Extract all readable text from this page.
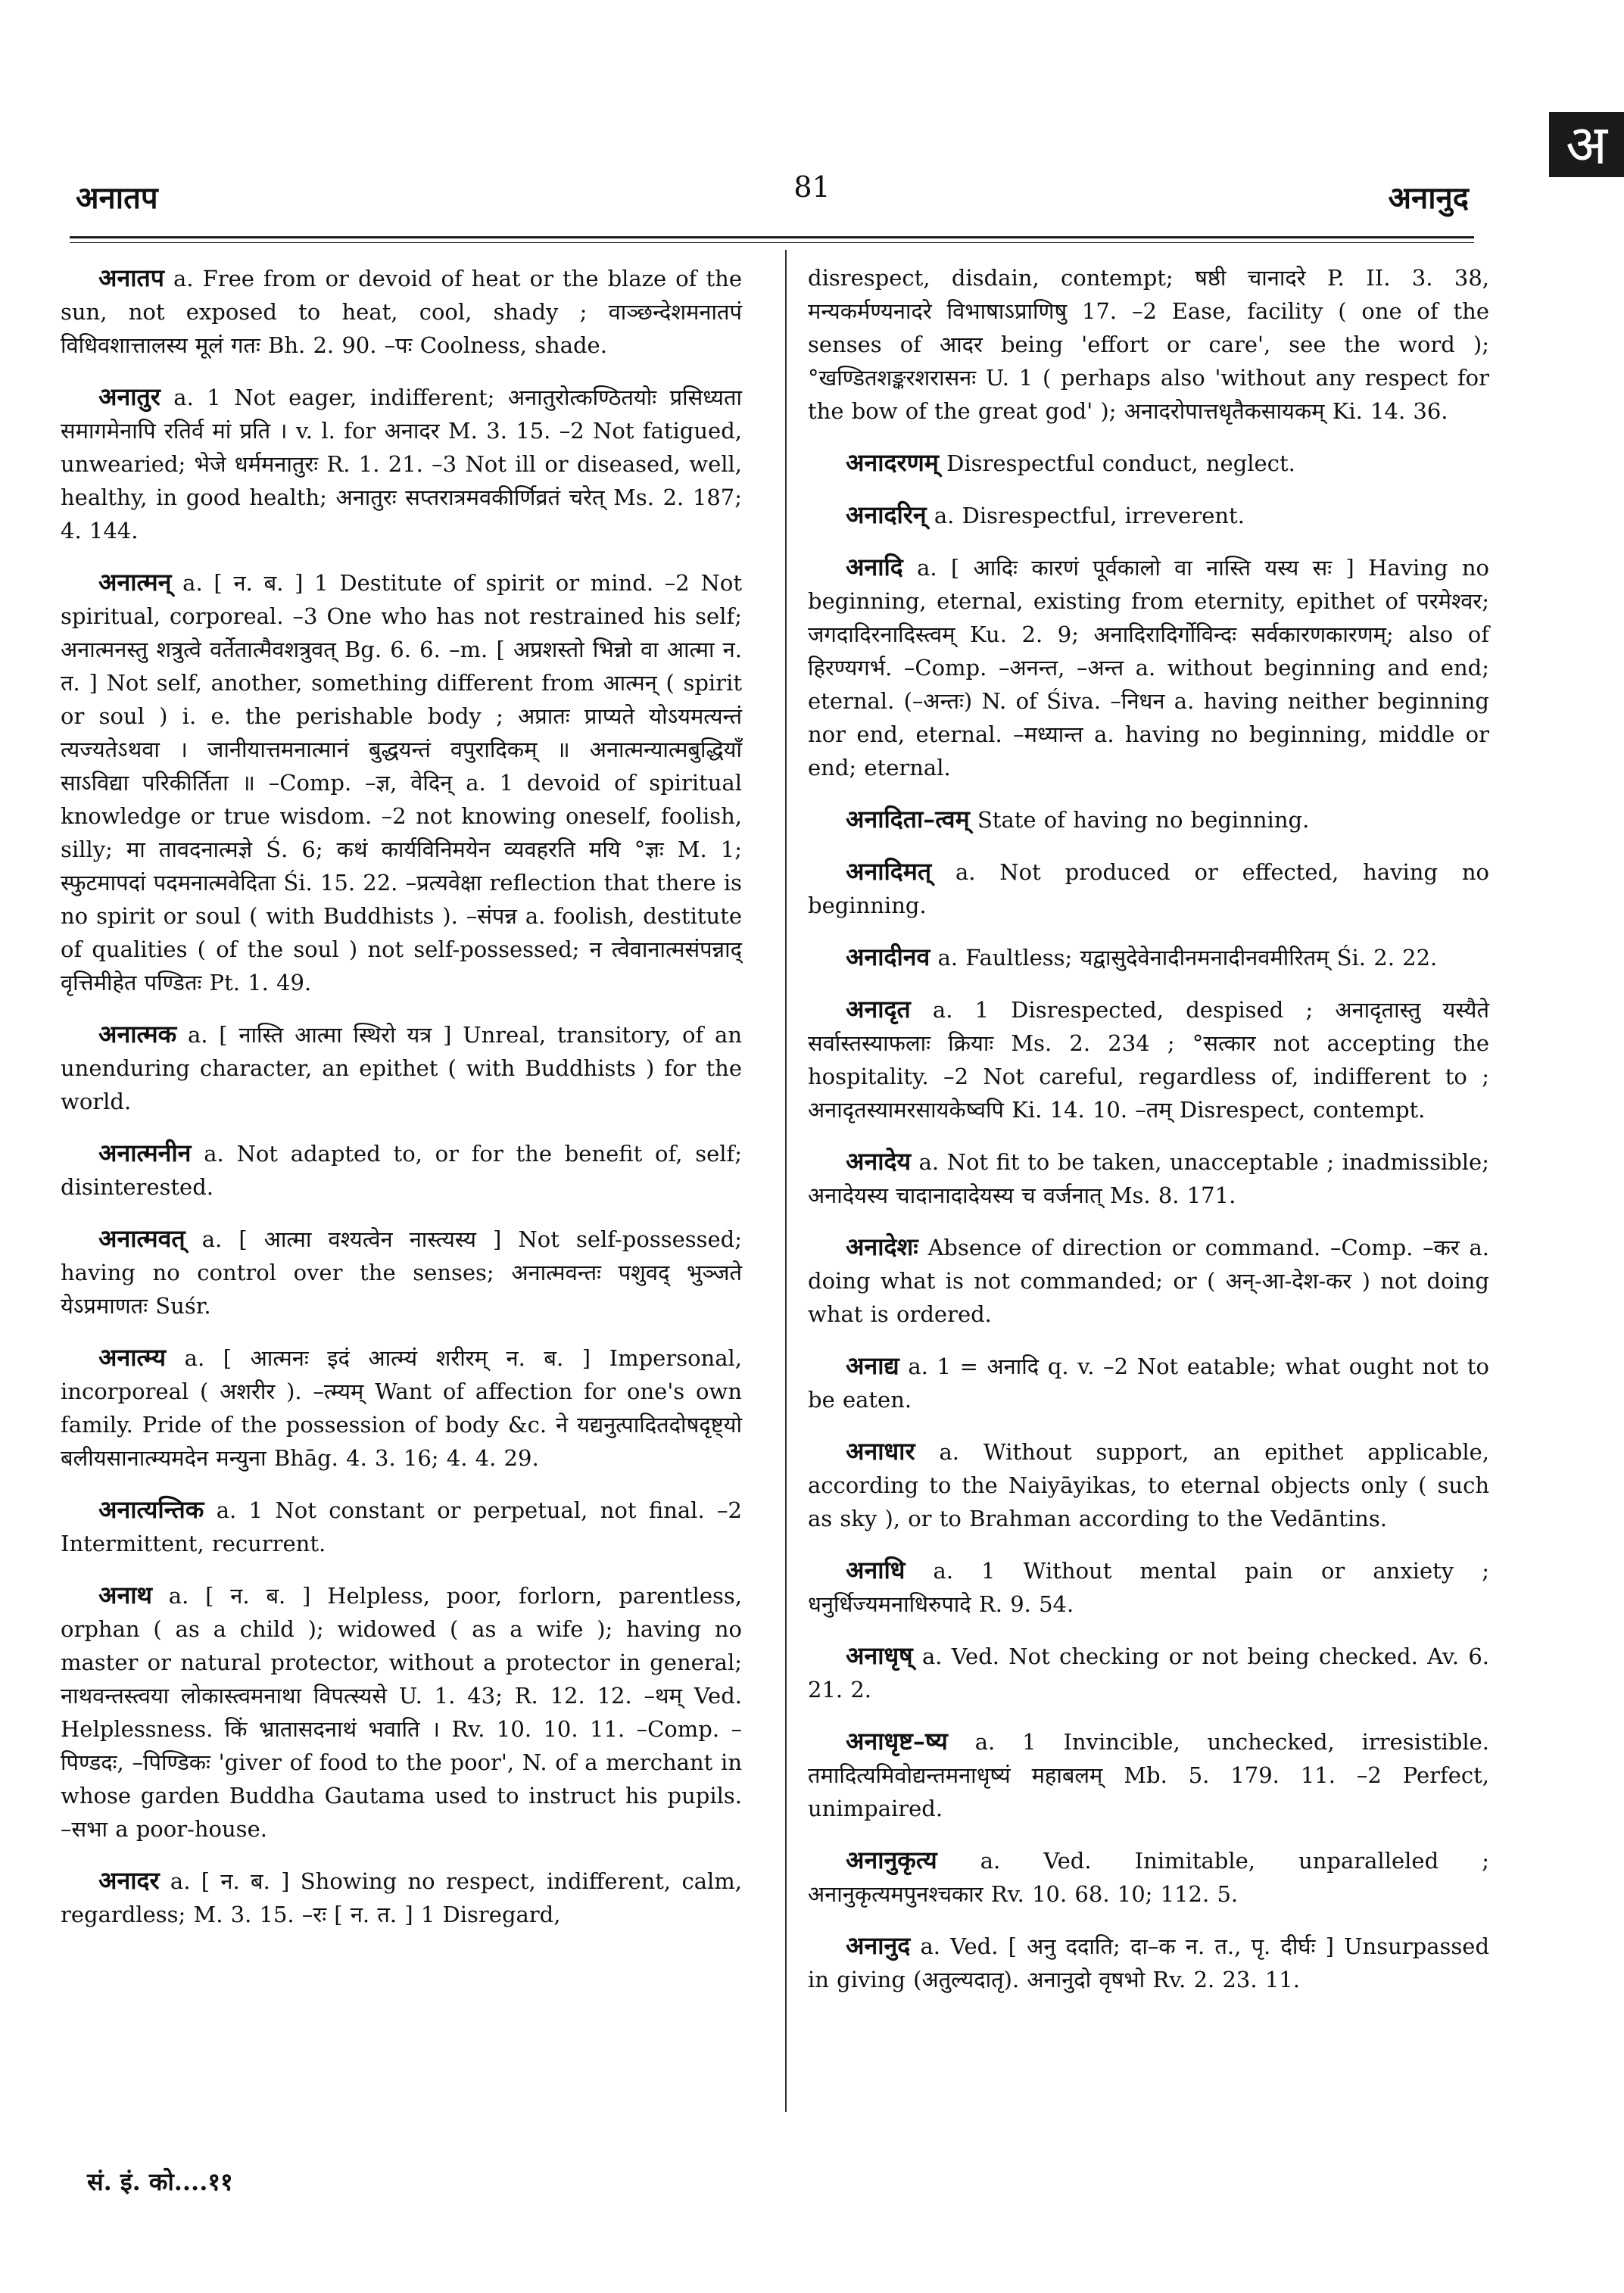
अ
अनातप	81	अनानुद

अनातप a. Free from or devoid of heat or the blaze of the sun, not exposed to heat, cool, shady ; वाञ्छन्देशमनातपं विधिवशात्तालस्य मूलं गतः Bh. 2. 90. –पः Coolness, shade.

अनातुर a. 1 Not eager, indifferent; अनातुरोत्कण्ठितयोः प्रसिध्यता समागमेनापि रतिर्व मां प्रति । v. l. for अनादर M. 3. 15. –2 Not fatigued, unwearied; भेजे धर्ममनातुरः R. 1. 21. –3 Not ill or diseased, well, healthy, in good health; अनातुरः सप्तरात्रमवकीर्णिव्रतं चरेत् Ms. 2. 187; 4. 144.

अनात्मन् a. [ न. ब. ] 1 Destitute of spirit or mind. –2 Not spiritual, corporeal. –3 One who has not restrained his self; अनात्मनस्तु शत्रुत्वे वर्तेतात्मैवशत्रुवत् Bg. 6. 6. –m. [ अप्रशस्तो भिन्नो वा आत्मा न. त. ] Not self, another, something different from आत्मन् ( spirit or soul ) i. e. the perishable body ; अप्रातः प्राप्यते योऽयमत्यन्तं त्यज्यतेऽथवा । जानीयात्तमनात्मानं बुद्धयन्तं वपुरादिकम् ॥ अनात्मन्यात्मबुद्धियाँ साऽविद्या परिकीर्तिता ॥ –Comp. –ज्ञ, वेदिन् a. 1 devoid of spiritual knowledge or true wisdom. –2 not knowing oneself, foolish, silly; मा तावदनात्मज्ञे Ś. 6; कथं कार्यविनिमयेन व्यवहरति मयि °ज्ञः M. 1; स्फुटमापदां पदमनात्मवेदिता Śi. 15. 22. –प्रत्यवेक्षा reflection that there is no spirit or soul ( with Buddhists ). –संपन्न a. foolish, destitute of qualities ( of the soul ) not self-possessed; न त्वेवानात्मसंपन्नाद् वृत्तिमीहेत पण्डितः Pt. 1. 49.

अनात्मक a. [ नास्ति आत्मा स्थिरो यत्र ] Unreal, transitory, of an unenduring character, an epithet ( with Buddhists ) for the world.

अनात्मनीन a. Not adapted to, or for the benefit of, self; disinterested.

अनात्मवत् a. [ आत्मा वश्यत्वेन नास्त्यस्य ] Not self-possessed; having no control over the senses; अनात्मवन्तः पशुवद् भुञ्जते येऽप्रमाणतः Suśr.

अनात्म्य a. [ आत्मनः इदं आत्म्यं शरीरम् न. ब. ] Impersonal, incorporeal ( अशरीर ). –त्म्यम् Want of affection for one's own family. Pride of the possession of body &c. ने यद्यनुत्पादितदोषदृष्ट्यो बलीयसानात्म्यमदेन मन्युना Bhāg. 4. 3. 16; 4. 4. 29.

अनात्यन्तिक a. 1 Not constant or perpetual, not final. –2 Intermittent, recurrent.

अनाथ a. [ न. ब. ] Helpless, poor, forlorn, parentless, orphan ( as a child ); widowed ( as a wife ); having no master or natural protector, without a protector in general; नाथवन्तस्त्वया लोकास्त्वमनाथा विपत्स्यसे U. 1. 43; R. 12. 12. –थम् Ved. Helplessness. किं भ्रातासदनाथं भवाति । Rv. 10. 10. 11. –Comp. –पिण्डदः, –पिण्डिकः 'giver of food to the poor', N. of a merchant in whose garden Buddha Gautama used to instruct his pupils. –सभा a poor-house.

अनादर a. [ न. ब. ] Showing no respect, indifferent, calm, regardless; M. 3. 15. –रः [ न. त. ] 1 Disregard,

disrespect, disdain, contempt; षष्ठी चानादरे P. II. 3. 38, मन्यकर्मण्यनादरे विभाषाऽप्राणिषु 17. –2 Ease, facility ( one of the senses of आदर being 'effort or care', see the word ); °खण्डितशङ्करशरासनः U. 1 ( perhaps also 'without any respect for the bow of the great god' ); अनादरोपात्तधृतैकसायकम् Ki. 14. 36.

अनादरणम् Disrespectful conduct, neglect.

अनादरिन् a. Disrespectful, irreverent.

अनादि a. [ आदिः कारणं पूर्वकालो वा नास्ति यस्य सः ] Having no beginning, eternal, existing from eternity, epithet of परमेश्वर; जगदादिरनादिस्त्वम् Ku. 2. 9; अनादिरादिर्गोविन्दः सर्वकारणकारणम्; also of हिरण्यगर्भ. –Comp. –अनन्त, –अन्त a. without beginning and end; eternal. (–अन्तः) N. of Śiva. –निधन a. having neither beginning nor end, eternal. –मध्यान्त a. having no beginning, middle or end; eternal.

अनादिता–त्वम् State of having no beginning.

अनादिमत् a. Not produced or effected, having no beginning.

अनादीनव a. Faultless; यद्वासुदेवेनादीनमनादीनवमीरितम् Śi. 2. 22.

अनादृत a. 1 Disrespected, despised ; अनादृतास्तु यस्यैते सर्वास्तस्याफलाः क्रियाः Ms. 2. 234 ; °सत्कार not accepting the hospitality. –2 Not careful, regardless of, indifferent to ; अनादृतस्यामरसायकेष्वपि Ki. 14. 10. –तम् Disrespect, contempt.

अनादेय a. Not fit to be taken, unacceptable ; inadmissible; अनादेयस्य चादानादादेयस्य च वर्जनात् Ms. 8. 171.

अनादेशः Absence of direction or command. –Comp. –कर a. doing what is not commanded; or ( अन्-आ-देश-कर ) not doing what is ordered.

अनाद्य a. 1 = अनादि q. v. –2 Not eatable; what ought not to be eaten.

अनाधार a. Without support, an epithet applicable, according to the Naiyāyikas, to eternal objects only ( such as sky ), or to Brahman according to the Vedāntins.

अनाधि a. 1 Without mental pain or anxiety ; धनुर्धिज्यमनाधिरुपादे R. 9. 54.

अनाधृष् a. Ved. Not checking or not being checked. Av. 6. 21. 2.

अनाधृष्ट–ष्य a. 1 Invincible, unchecked, irresistible. तमादित्यमिवोद्यन्तमनाधृष्यं महाबलम् Mb. 5. 179. 11. –2 Perfect, unimpaired.

अनानुकृत्य a. Ved. Inimitable, unparalleled ; अनानुकृत्यमपुनश्चकार Rv. 10. 68. 10; 112. 5.

अनानुद a. Ved. [ अनु ददाति; दा–क न. त., पृ. दीर्घः ] Unsurpassed in giving (अतुल्यदातृ). अनानुदो वृषभो Rv. 2. 23. 11.

सं. इं. को....११
